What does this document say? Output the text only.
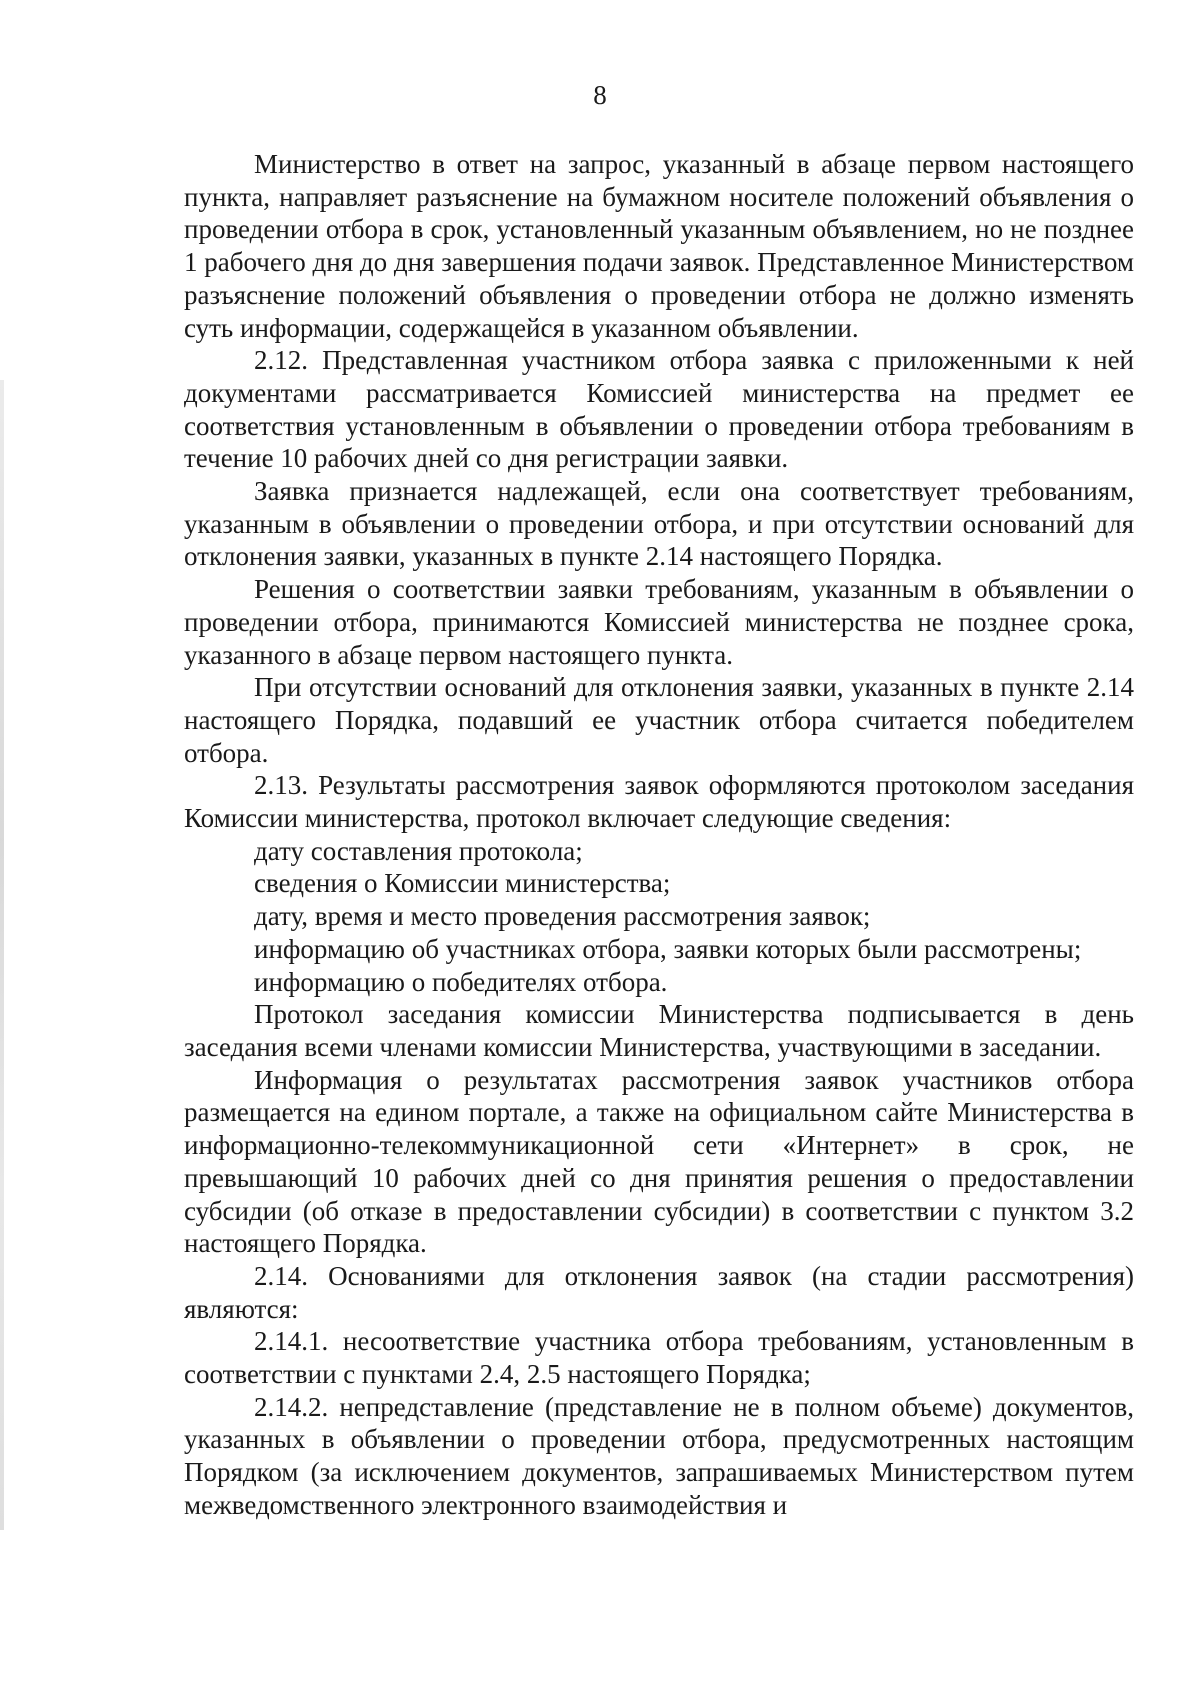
8

Министерство в ответ на запрос, указанный в абзаце первом настоящего пункта, направляет разъяснение на бумажном носителе положений объявления о проведении отбора в срок, установленный указанным объявлением, но не позднее 1 рабочего дня до дня завершения подачи заявок. Представленное Министерством разъяснение положений объявления о проведении отбора не должно изменять суть информации, содержащейся в указанном объявлении.

2.12. Представленная участником отбора заявка с приложенными к ней документами рассматривается Комиссией министерства на предмет ее соответствия установленным в объявлении о проведении отбора требованиям в течение 10 рабочих дней со дня регистрации заявки.

Заявка признается надлежащей, если она соответствует требованиям, указанным в объявлении о проведении отбора, и при отсутствии оснований для отклонения заявки, указанных в пункте 2.14 настоящего Порядка.

Решения о соответствии заявки требованиям, указанным в объявлении о проведении отбора, принимаются Комиссией министерства не позднее срока, указанного в абзаце первом настоящего пункта.

При отсутствии оснований для отклонения заявки, указанных в пункте 2.14 настоящего Порядка, подавший ее участник отбора считается победителем отбора.

2.13. Результаты рассмотрения заявок оформляются протоколом заседания Комиссии министерства, протокол включает следующие сведения:

дату составления протокола;

сведения о Комиссии министерства;

дату, время и место проведения рассмотрения заявок;

информацию об участниках отбора, заявки которых были рассмотрены;

информацию о победителях отбора.

Протокол заседания комиссии Министерства подписывается в день заседания всеми членами комиссии Министерства, участвующими в заседании.

Информация о результатах рассмотрения заявок участников отбора размещается на едином портале, а также на официальном сайте Министерства в информационно-телекоммуникационной сети «Интернет» в срок, не превышающий 10 рабочих дней со дня принятия решения о предоставлении субсидии (об отказе в предоставлении субсидии) в соответствии с пунктом 3.2 настоящего Порядка.

2.14. Основаниями для отклонения заявок (на стадии рассмотрения) являются:

2.14.1. несоответствие участника отбора требованиям, установленным в соответствии с пунктами 2.4, 2.5 настоящего Порядка;

2.14.2. непредставление (представление не в полном объеме) документов, указанных в объявлении о проведении отбора, предусмотренных настоящим Порядком (за исключением документов, запрашиваемых Министерством путем межведомственного электронного взаимодействия и
